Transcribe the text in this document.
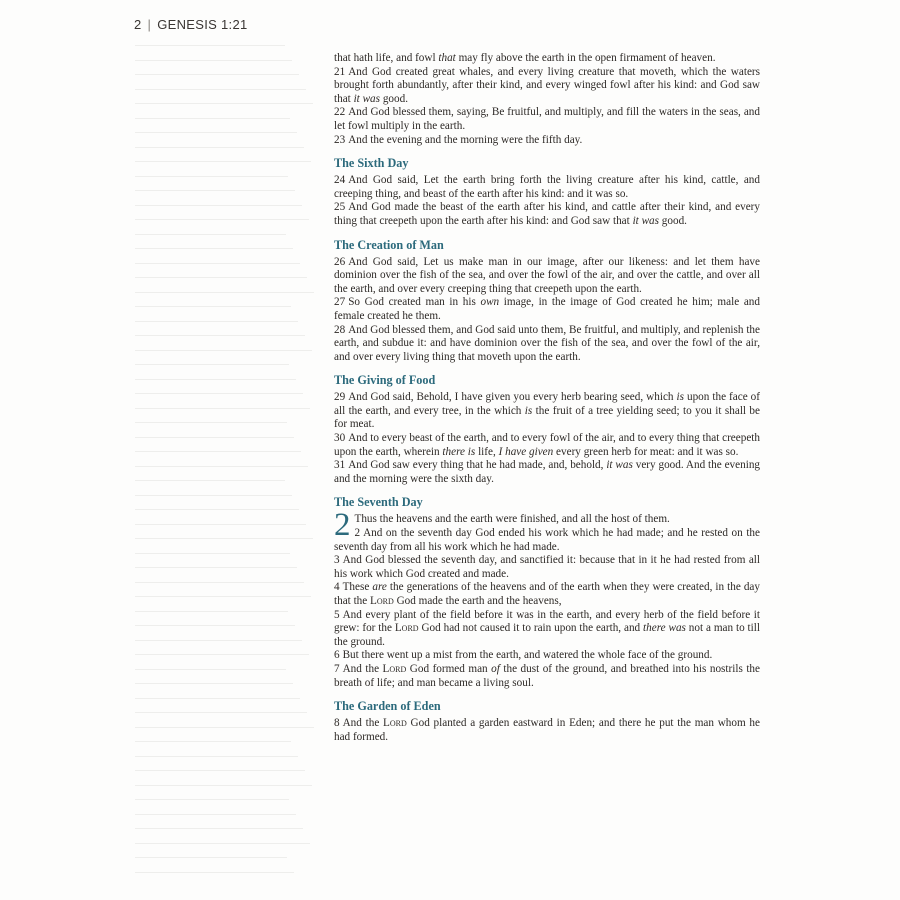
2 | GENESIS 1:21

that hath life, and fowl that may fly above the earth in the open firmament of heaven.

21 And God created great whales, and every living creature that moveth, which the waters brought forth abundantly, after their kind, and every winged fowl after his kind: and God saw that it was good.

22 And God blessed them, saying, Be fruitful, and multiply, and fill the waters in the seas, and let fowl multiply in the earth.

23 And the evening and the morning were the fifth day.

The Sixth Day

24 And God said, Let the earth bring forth the living creature after his kind, cattle, and creeping thing, and beast of the earth after his kind: and it was so.

25 And God made the beast of the earth after his kind, and cattle after their kind, and every thing that creepeth upon the earth after his kind: and God saw that it was good.

The Creation of Man

26 And God said, Let us make man in our image, after our likeness: and let them have dominion over the fish of the sea, and over the fowl of the air, and over the cattle, and over all the earth, and over every creeping thing that creepeth upon the earth.

27 So God created man in his own image, in the image of God created he him; male and female created he them.

28 And God blessed them, and God said unto them, Be fruitful, and multiply, and replenish the earth, and subdue it: and have dominion over the fish of the sea, and over the fowl of the air, and over every living thing that moveth upon the earth.

The Giving of Food

29 And God said, Behold, I have given you every herb bearing seed, which is upon the face of all the earth, and every tree, in the which is the fruit of a tree yielding seed; to you it shall be for meat.

30 And to every beast of the earth, and to every fowl of the air, and to every thing that creepeth upon the earth, wherein there is life, I have given every green herb for meat: and it was so.

31 And God saw every thing that he had made, and, behold, it was very good. And the evening and the morning were the sixth day.

The Seventh Day

2 Thus the heavens and the earth were finished, and all the host of them.

2 And on the seventh day God ended his work which he had made; and he rested on the seventh day from all his work which he had made.

3 And God blessed the seventh day, and sanctified it: because that in it he had rested from all his work which God created and made.

4 These are the generations of the heavens and of the earth when they were created, in the day that the Lord God made the earth and the heavens,

5 And every plant of the field before it was in the earth, and every herb of the field before it grew: for the Lord God had not caused it to rain upon the earth, and there was not a man to till the ground.

6 But there went up a mist from the earth, and watered the whole face of the ground.

7 And the Lord God formed man of the dust of the ground, and breathed into his nostrils the breath of life; and man became a living soul.

The Garden of Eden

8 And the Lord God planted a garden eastward in Eden; and there he put the man whom he had formed.
